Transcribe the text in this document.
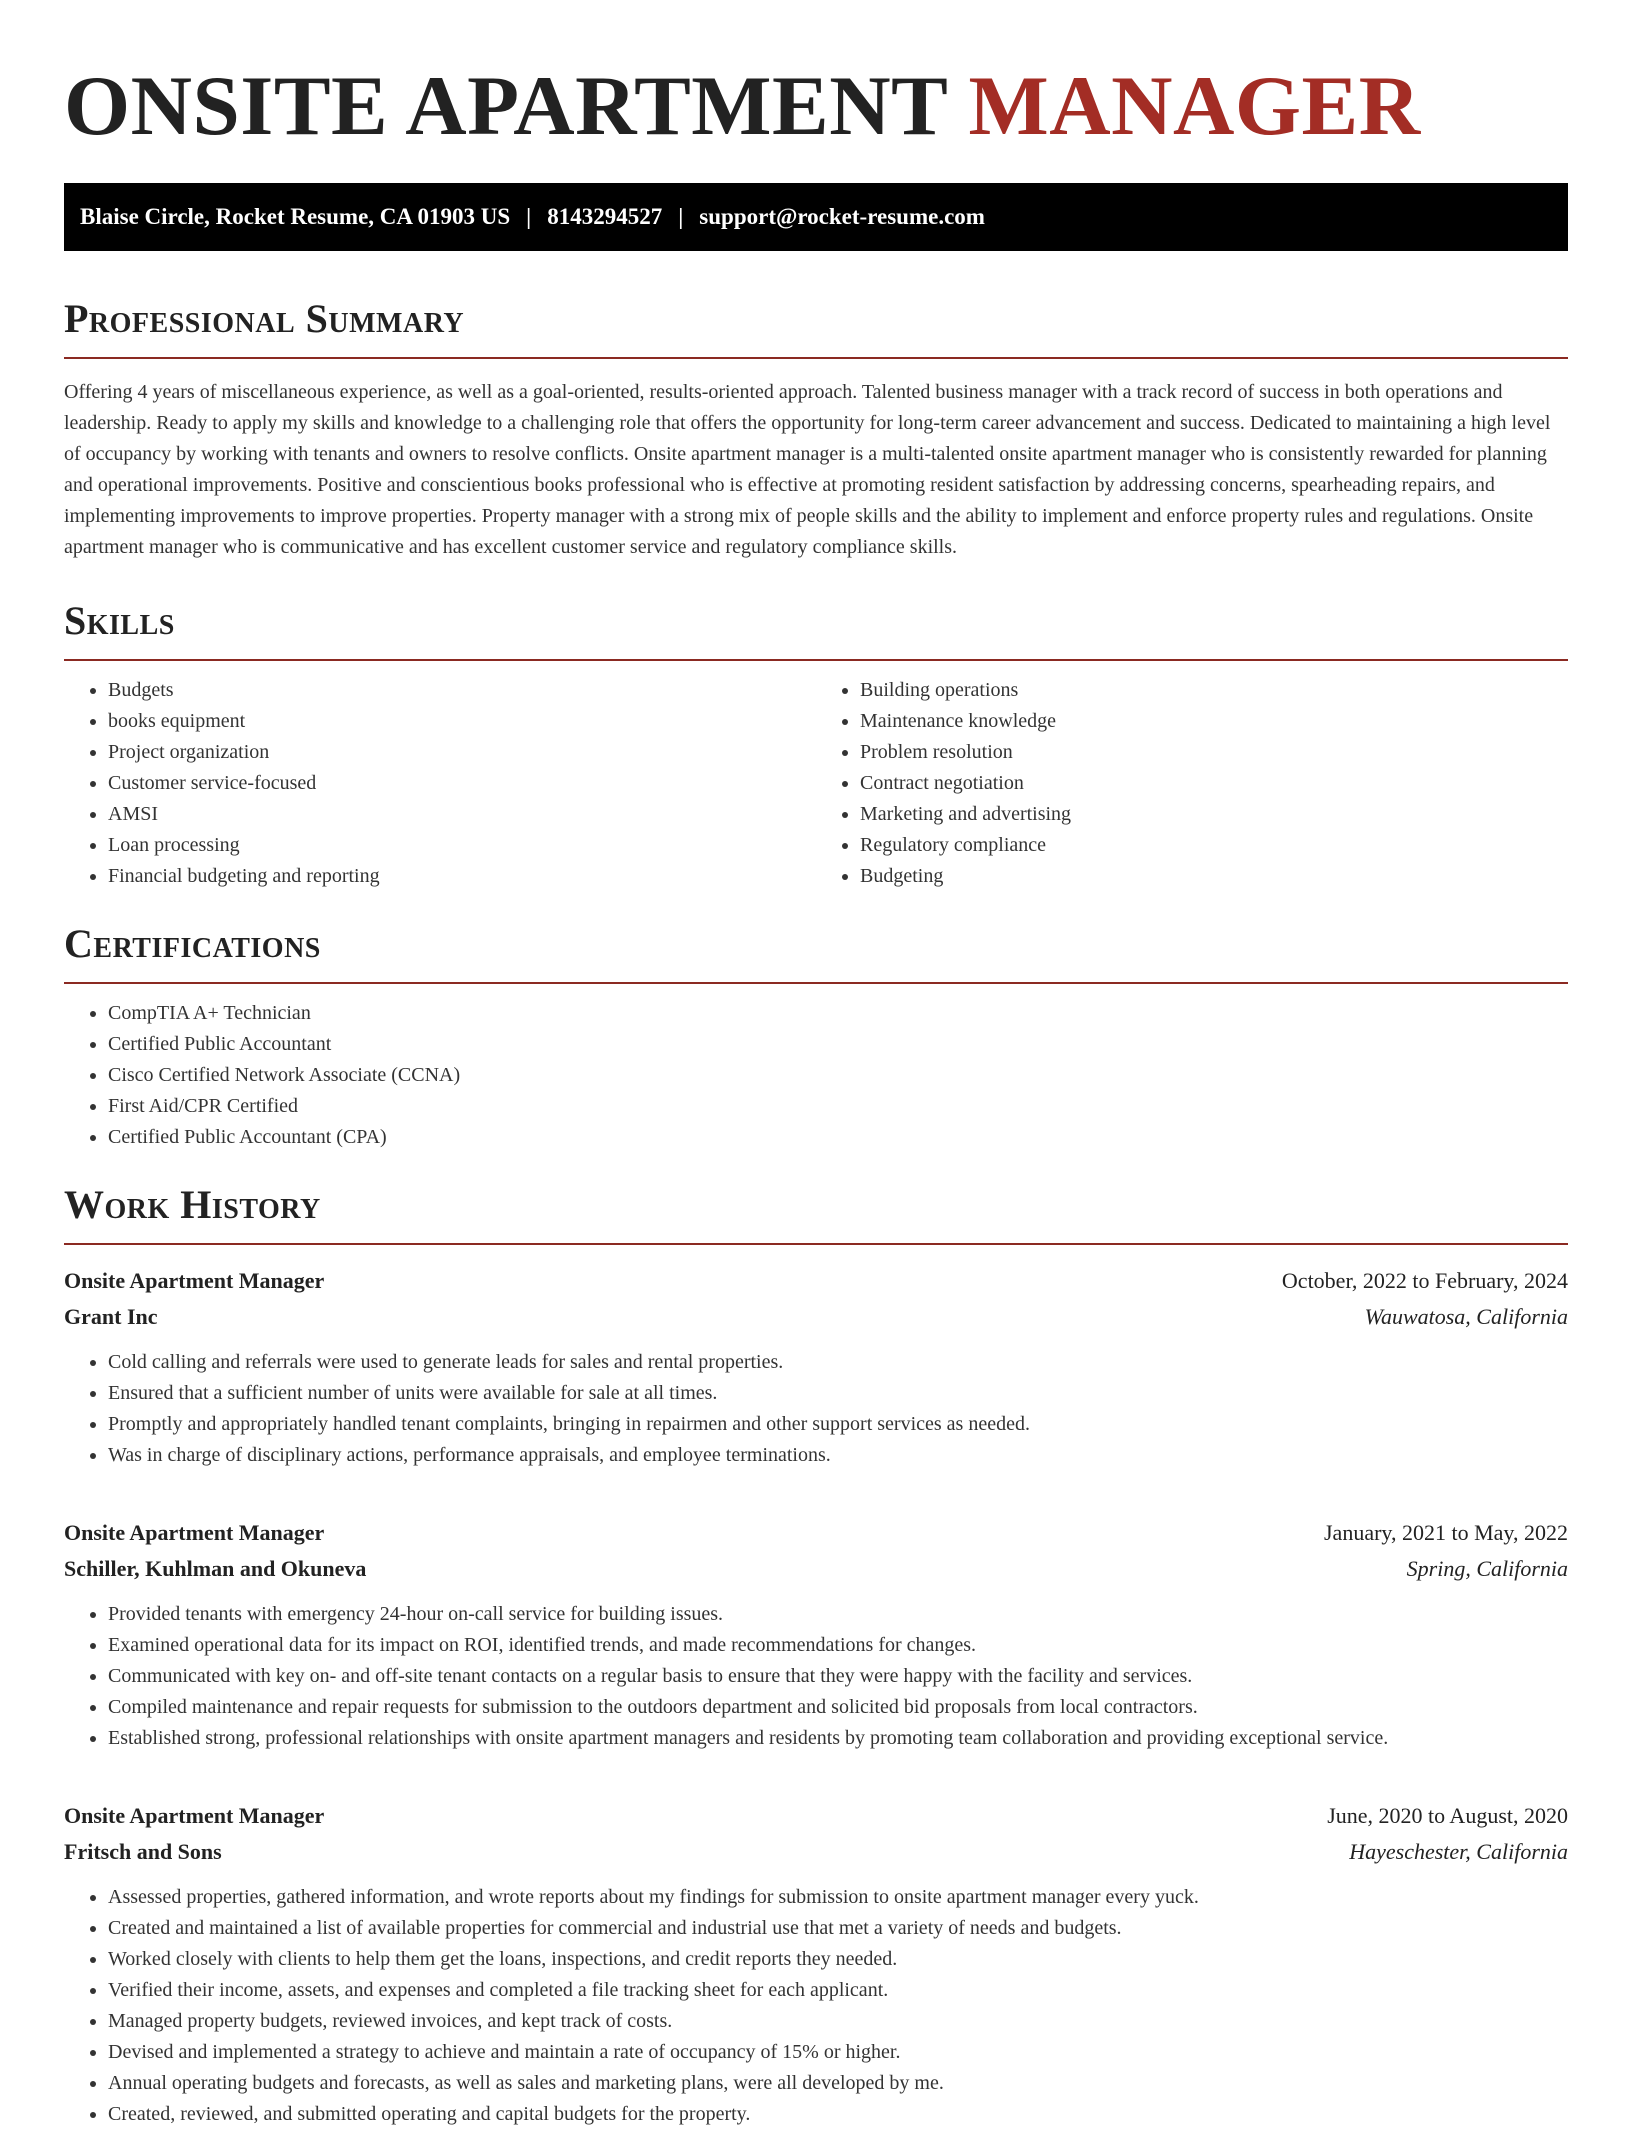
ONSITE APARTMENT MANAGER
Blaise Circle, Rocket Resume, CA 01903 US | 8143294527 | support@rocket-resume.com
Professional Summary

Offering 4 years of miscellaneous experience, as well as a goal-oriented, results-oriented approach. Talented business manager with a track record of success in both operations and leadership. Ready to apply my skills and knowledge to a challenging role that offers the opportunity for long-term career advancement and success. Dedicated to maintaining a high level of occupancy by working with tenants and owners to resolve conflicts. Onsite apartment manager is a multi-talented onsite apartment manager who is consistently rewarded for planning and operational improvements. Positive and conscientious books professional who is effective at promoting resident satisfaction by addressing concerns, spearheading repairs, and implementing improvements to improve properties. Property manager with a strong mix of people skills and the ability to implement and enforce property rules and regulations. Onsite apartment manager who is communicative and has excellent customer service and regulatory compliance skills.

Skills
• Budgets
• books equipment
• Project organization
• Customer service-focused
• AMSI
• Loan processing
• Financial budgeting and reporting
• Building operations
• Maintenance knowledge
• Problem resolution
• Contract negotiation
• Marketing and advertising
• Regulatory compliance
• Budgeting
Certifications
• CompTIA A+ Technician
• Certified Public Accountant
• Cisco Certified Network Associate (CCNA)
• First Aid/CPR Certified
• Certified Public Accountant (CPA)
Work History
Onsite Apartment Manager	October, 2022 to February, 2024
Grant Inc	Wauwatosa, California
• Cold calling and referrals were used to generate leads for sales and rental properties.
• Ensured that a sufficient number of units were available for sale at all times.
• Promptly and appropriately handled tenant complaints, bringing in repairmen and other support services as needed.
• Was in charge of disciplinary actions, performance appraisals, and employee terminations.
Onsite Apartment Manager	January, 2021 to May, 2022
Schiller, Kuhlman and Okuneva	Spring, California
• Provided tenants with emergency 24-hour on-call service for building issues.
• Examined operational data for its impact on ROI, identified trends, and made recommendations for changes.
• Communicated with key on- and off-site tenant contacts on a regular basis to ensure that they were happy with the facility and services.
• Compiled maintenance and repair requests for submission to the outdoors department and solicited bid proposals from local contractors.
• Established strong, professional relationships with onsite apartment managers and residents by promoting team collaboration and providing exceptional service.
Onsite Apartment Manager	June, 2020 to August, 2020
Fritsch and Sons	Hayeschester, California
• Assessed properties, gathered information, and wrote reports about my findings for submission to onsite apartment manager every yuck.
• Created and maintained a list of available properties for commercial and industrial use that met a variety of needs and budgets.
• Worked closely with clients to help them get the loans, inspections, and credit reports they needed.
• Verified their income, assets, and expenses and completed a file tracking sheet for each applicant.
• Managed property budgets, reviewed invoices, and kept track of costs.
• Devised and implemented a strategy to achieve and maintain a rate of occupancy of 15% or higher.
• Annual operating budgets and forecasts, as well as sales and marketing plans, were all developed by me.
• Created, reviewed, and submitted operating and capital budgets for the property.
